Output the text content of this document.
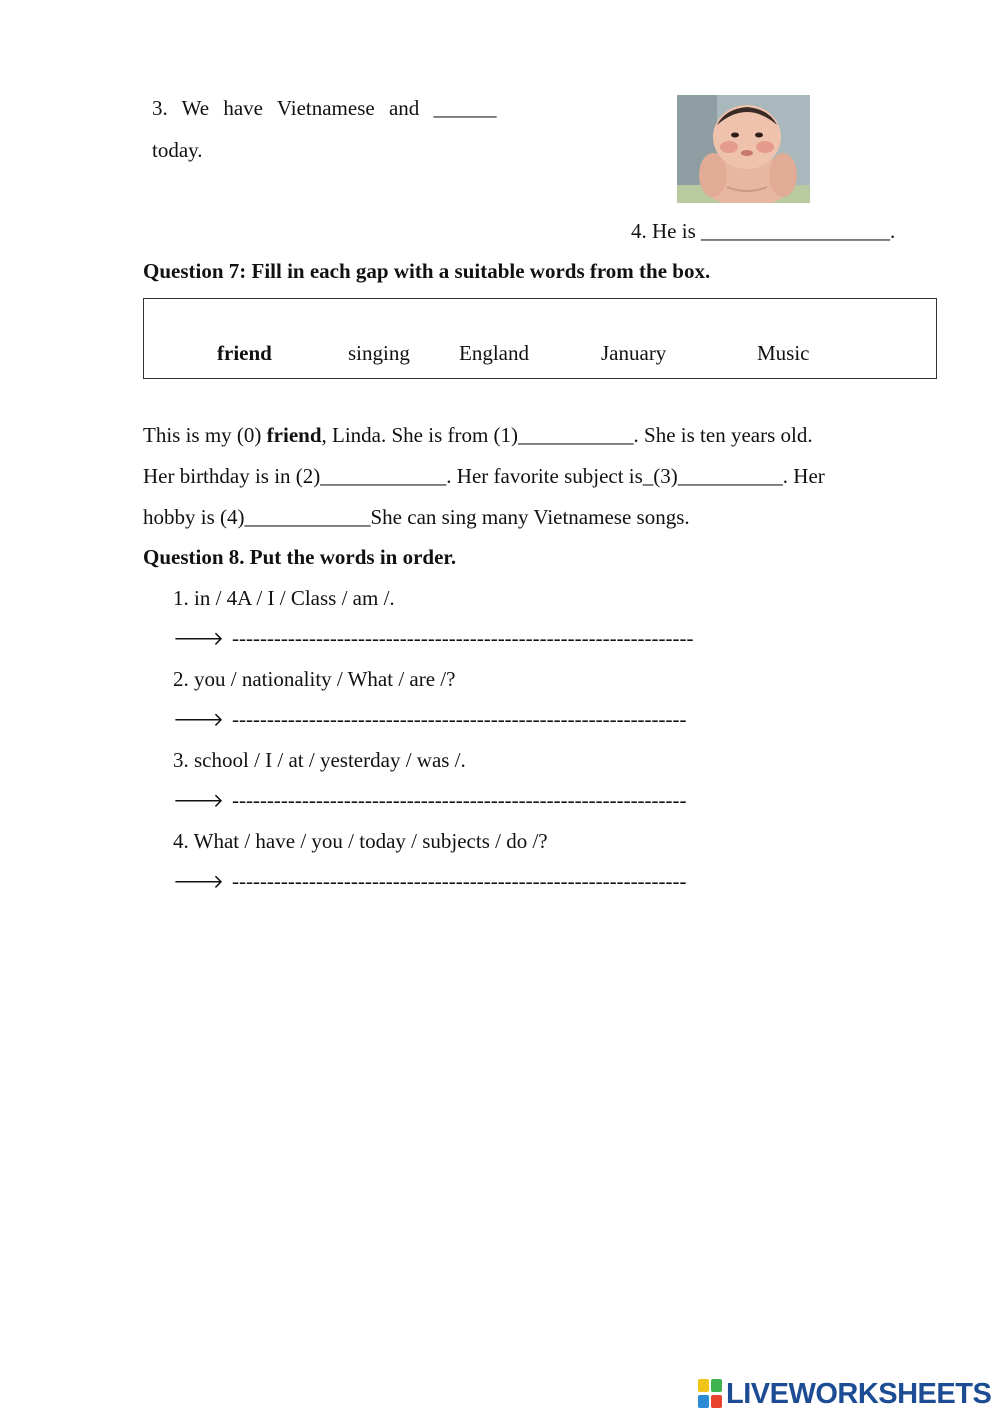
3. We have Vietnamese and ______
today.
4. He is __________________.
Question 7: Fill in each gap with a suitable words from the box.
friend	singing England	January	Music
This is my (0) friend, Linda. She is from (1)___________. She is ten years old.
Her birthday is in (2)____________. Her favorite subject is_(3)__________. Her
hobby is (4)____________She can sing many Vietnamese songs.
Question 8. Put the words in order.
1. in / 4A / I / Class / am /.
🡒 ------------------------------------------------------------------
2. you / nationality / What / are /?
🡒 -----------------------------------------------------------------
3. school / I / at / yesterday / was /.
🡒 -----------------------------------------------------------------
4. What / have / you / today / subjects / do /?
🡒 -----------------------------------------------------------------
LIVEWORKSHEETS
